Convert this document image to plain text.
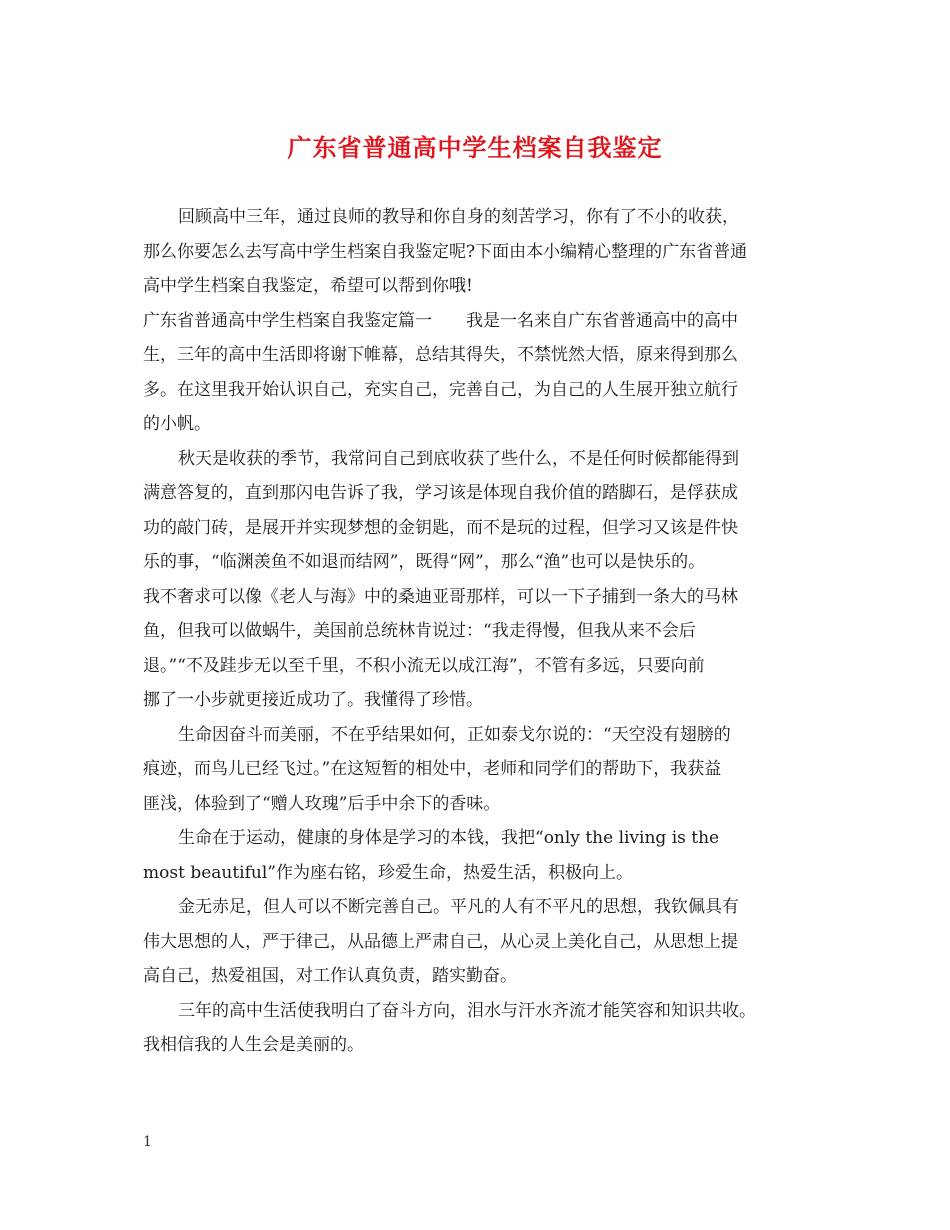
广东省普通高中学生档案自我鉴定
回顾高中三年，通过良师的教导和你自身的刻苦学习，你有了不小的收获，
那么你要怎么去写高中学生档案自我鉴定呢?下面由本小编精心整理的广东省普通
高中学生档案自我鉴定，希望可以帮到你哦!
广东省普通高中学生档案自我鉴定篇一　　我是一名来自广东省普通高中的高中
生，三年的高中生活即将谢下帷幕，总结其得失，不禁恍然大悟，原来得到那么
多。在这里我开始认识自己，充实自己，完善自己，为自己的人生展开独立航行
的小帆。
秋天是收获的季节，我常问自己到底收获了些什么，不是任何时候都能得到
满意答复的，直到那闪电告诉了我，学习该是体现自我价值的踏脚石，是俘获成
功的敲门砖，是展开并实现梦想的金钥匙，而不是玩的过程，但学习又该是件快
乐的事，“临渊羡鱼不如退而结网”，既得“网”，那么“渔”也可以是快乐的。
我不奢求可以像《老人与海》中的桑迪亚哥那样，可以一下子捕到一条大的马林
鱼，但我可以做蜗牛，美国前总统林肯说过：“我走得慢，但我从来不会后
退。”“不及跬步无以至千里，不积小流无以成江海”，不管有多远，只要向前
挪了一小步就更接近成功了。我懂得了珍惜。
生命因奋斗而美丽，不在乎结果如何，正如泰戈尔说的：“天空没有翅膀的
痕迹，而鸟儿已经飞过。”在这短暂的相处中，老师和同学们的帮助下，我获益
匪浅，体验到了“赠人玫瑰”后手中余下的香味。
生命在于运动，健康的身体是学习的本钱，我把“only the living is the
most beautiful”作为座右铭，珍爱生命，热爱生活，积极向上。
金无赤足，但人可以不断完善自己。平凡的人有不平凡的思想，我钦佩具有
伟大思想的人，严于律己，从品德上严肃自己，从心灵上美化自己，从思想上提
高自己，热爱祖国，对工作认真负责，踏实勤奋。
三年的高中生活使我明白了奋斗方向，泪水与汗水齐流才能笑容和知识共收。
我相信我的人生会是美丽的。
1
